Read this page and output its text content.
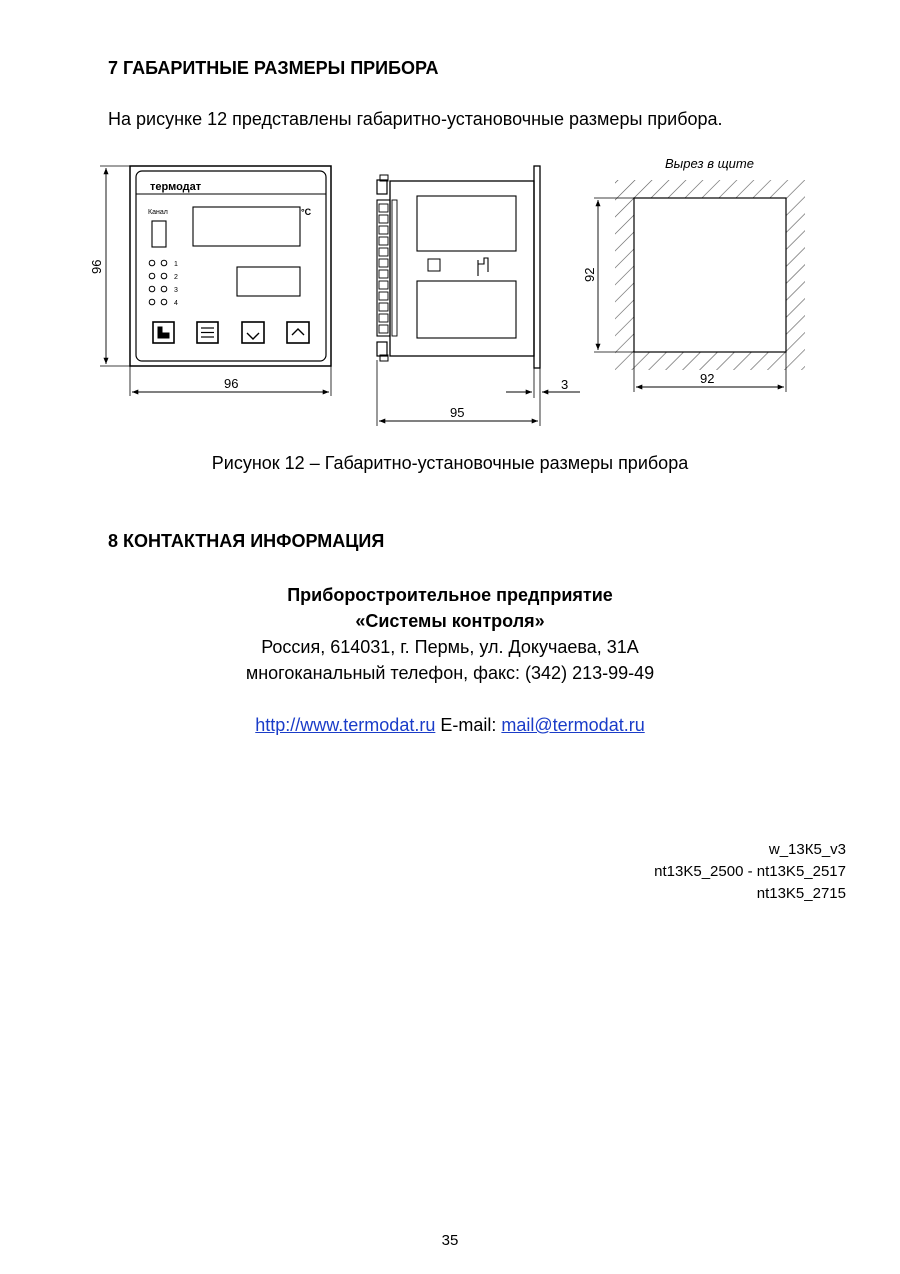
7 ГАБАРИТНЫЕ РАЗМЕРЫ ПРИБОРА
На рисунке 12 представлены габаритно-установочные размеры прибора.
термодат
Канал	°С
1
2
3
4
96
96
95
3
Вырез в щите
92
92
Рисунок 12 – Габаритно-установочные размеры прибора
8 КОНТАКТНАЯ ИНФОРМАЦИЯ
Приборостроительное предприятие
«Системы контроля»
Россия, 614031, г. Пермь, ул. Докучаева, 31А
многоканальный телефон, факс: (342) 213-99-49
http://www.termodat.ru E-mail: mail@termodat.ru
w_13К5_v3
nt13K5_2500 - nt13K5_2517
nt13K5_2715
35
